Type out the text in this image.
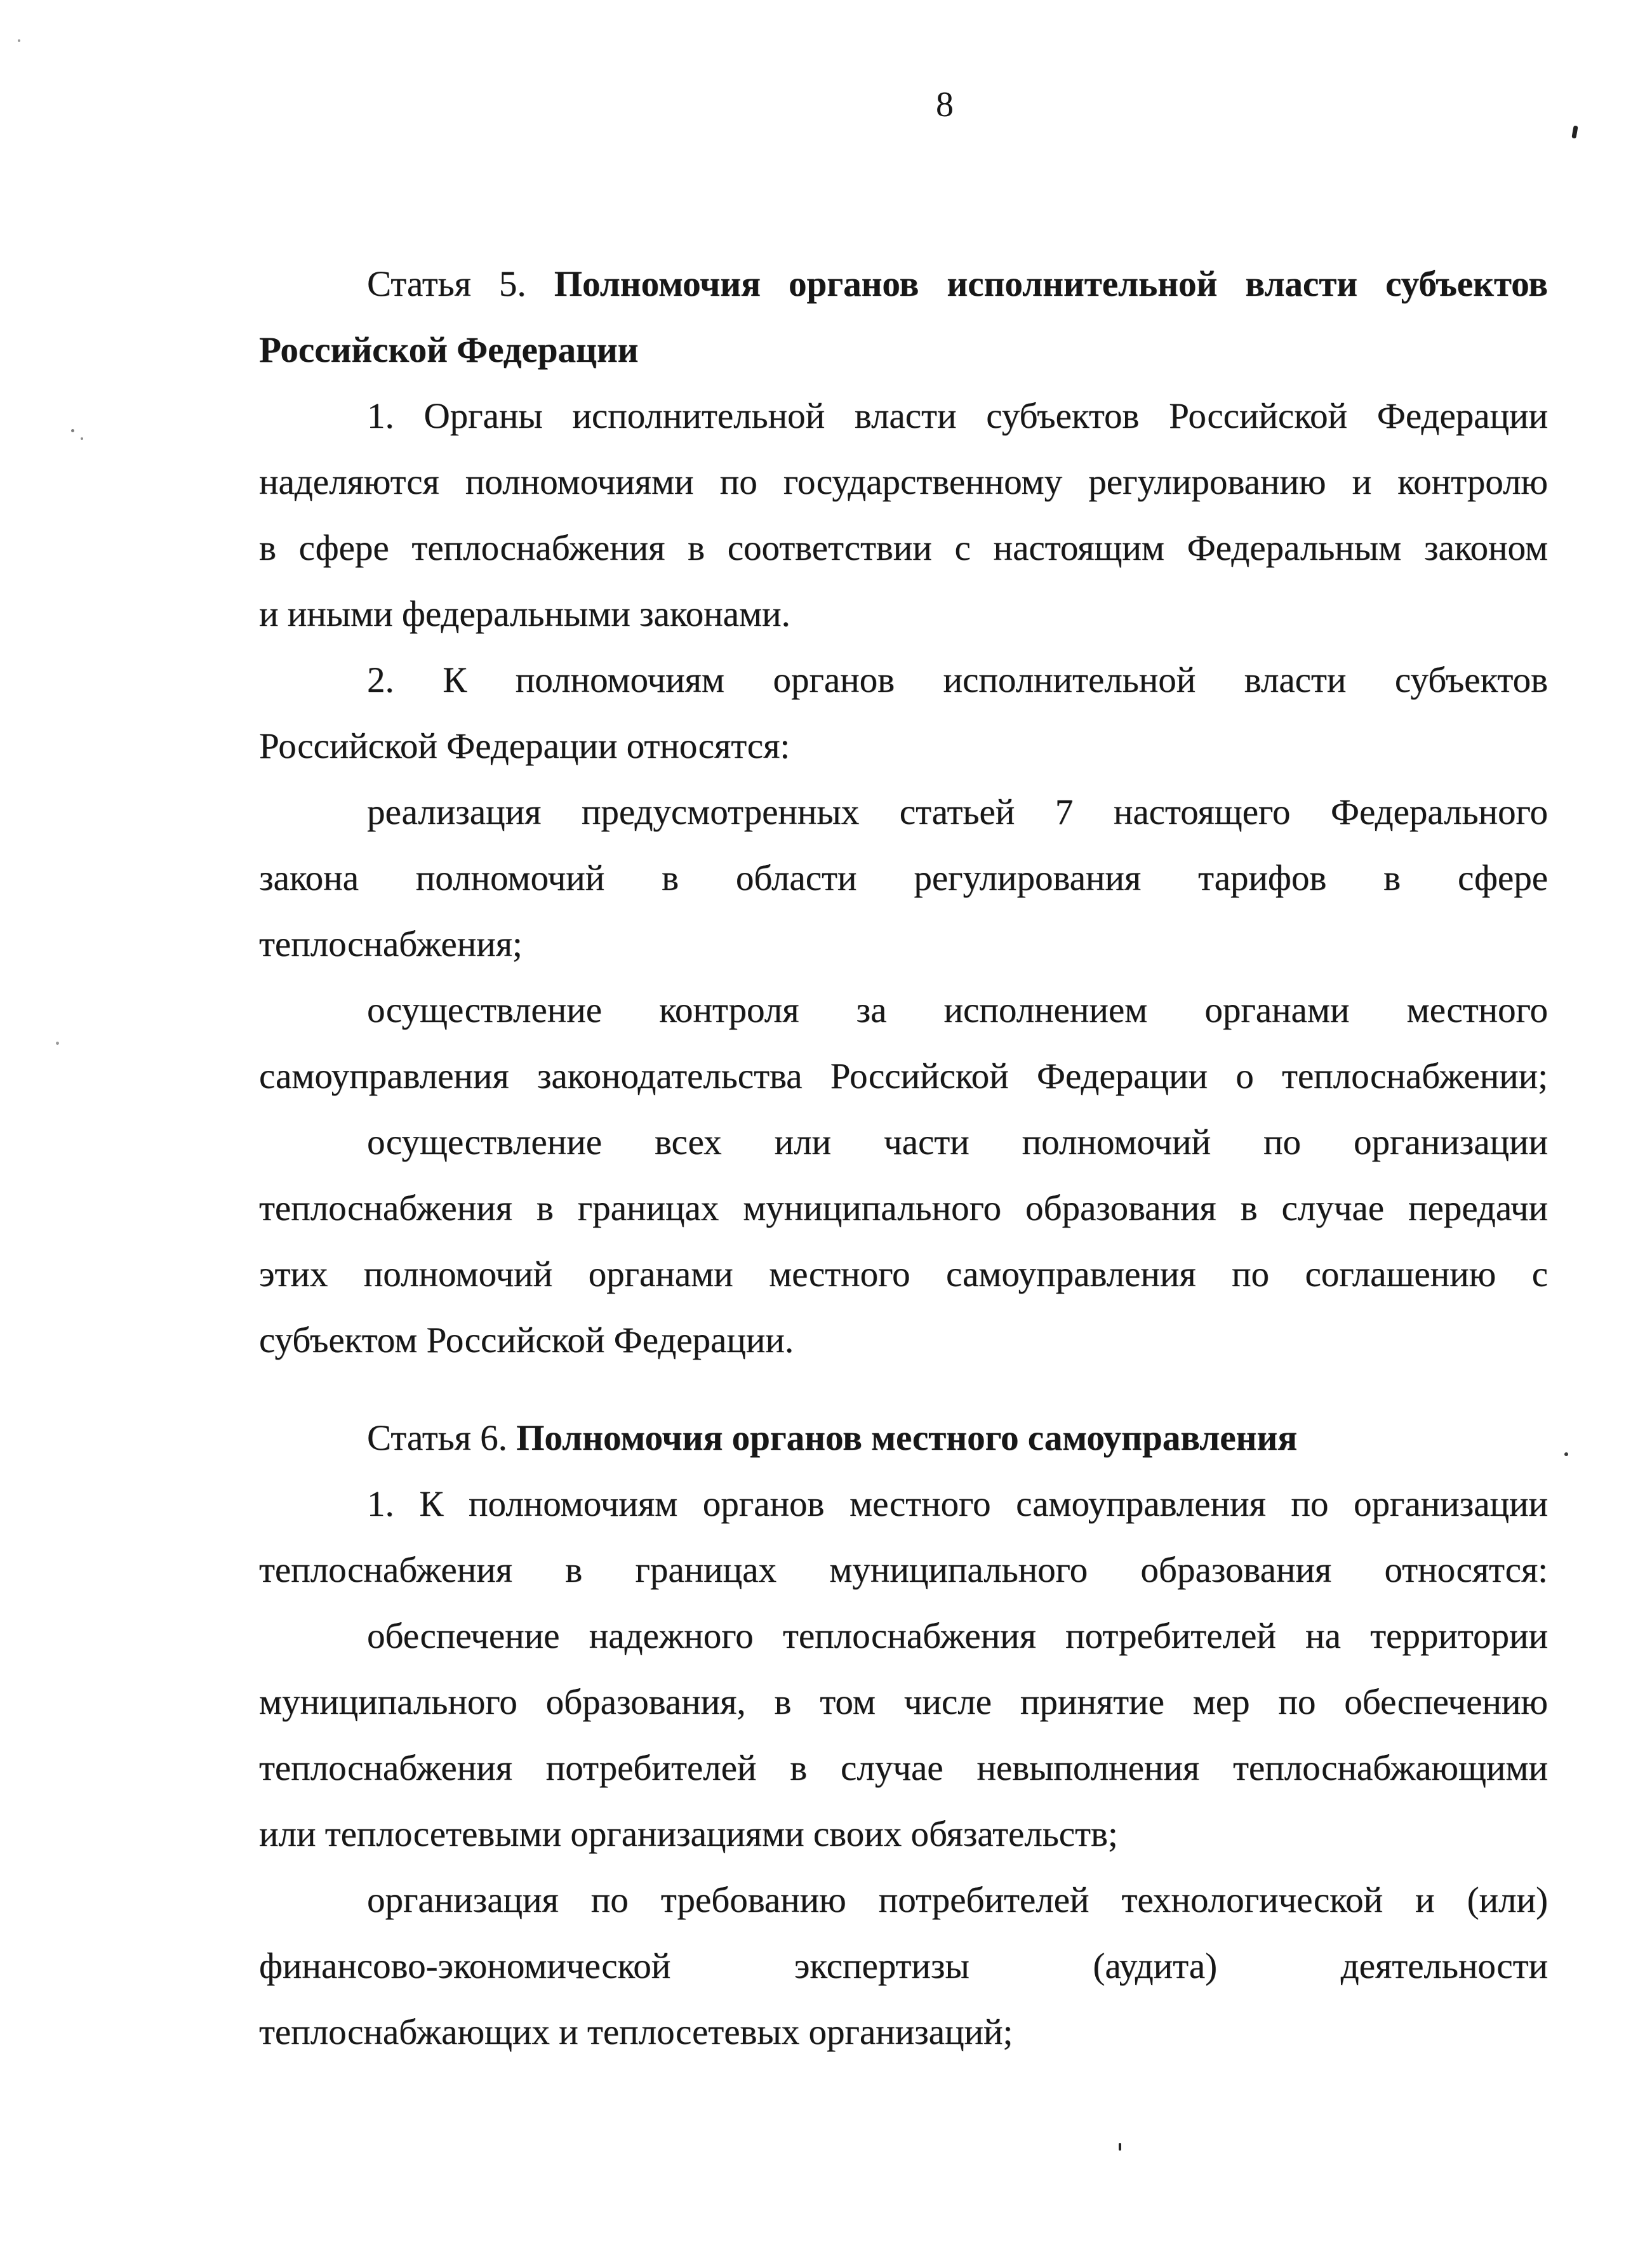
8
Статья 5. Полномочия органов исполнительной власти субъектов
Российской Федерации
1. Органы исполнительной власти субъектов Российской Федерации
наделяются полномочиями по государственному регулированию и контролю
в сфере теплоснабжения в соответствии с настоящим Федеральным законом
и иными федеральными законами.
2. К полномочиям органов исполнительной власти субъектов
Российской Федерации относятся:
реализация предусмотренных статьей 7 настоящего Федерального
закона полномочий в области регулирования тарифов в сфере
теплоснабжения;
осуществление контроля за исполнением органами местного
самоуправления законодательства Российской Федерации о теплоснабжении;
осуществление всех или части полномочий по организации
теплоснабжения в границах муниципального образования в случае передачи
этих полномочий органами местного самоуправления по соглашению с
субъектом Российской Федерации.
Статья 6. Полномочия органов местного самоуправления
1. К полномочиям органов местного самоуправления по организации
теплоснабжения в границах муниципального образования относятся:
обеспечение надежного теплоснабжения потребителей на территории
муниципального образования, в том числе принятие мер по обеспечению
теплоснабжения потребителей в случае невыполнения теплоснабжающими
или теплосетевыми организациями своих обязательств;
организация по требованию потребителей технологической и (или)
финансово-экономической экспертизы (аудита) деятельности
теплоснабжающих и теплосетевых организаций;
